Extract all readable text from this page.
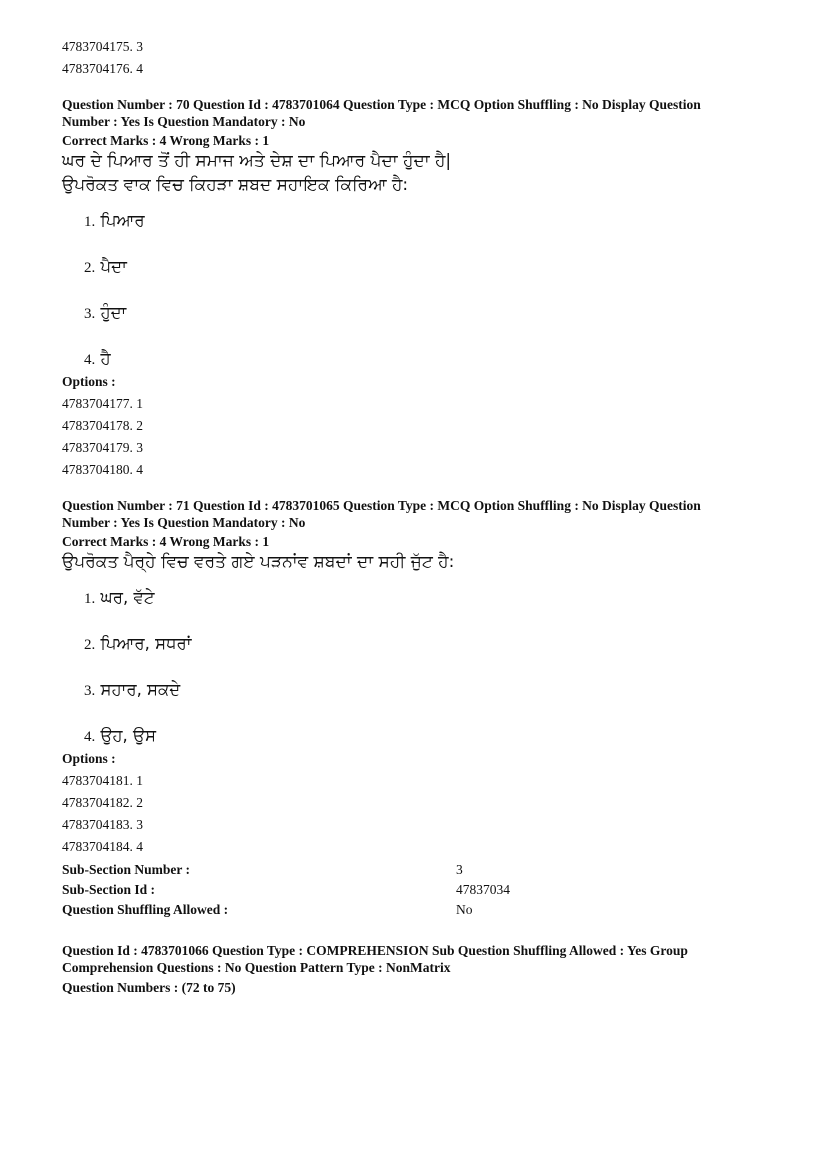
4783704175. 3
4783704176. 4
Question Number : 70 Question Id : 4783701064 Question Type : MCQ Option Shuffling : No Display Question
Number : Yes Is Question Mandatory : No
Correct Marks : 4 Wrong Marks : 1
ਘਰ ਦੇ ਪਿਆਰ ਤੋਂ ਹੀ ਸਮਾਜ ਅਤੇ ਦੇਸ਼ ਦਾ ਪਿਆਰ ਪੈਦਾ ਹੁੰਦਾ ਹੈ|
ਉਪਰੋਕਤ ਵਾਕ ਵਿਚ ਕਿਹੜਾ ਸ਼ਬਦ ਸਹਾਇਕ ਕਿਰਿਆ ਹੈ:
1. ਪਿਆਰ
2. ਪੈਦਾ
3. ਹੁੰਦਾ
4. ਹੈ
Options :
4783704177. 1
4783704178. 2
4783704179. 3
4783704180. 4
Question Number : 71 Question Id : 4783701065 Question Type : MCQ Option Shuffling : No Display Question
Number : Yes Is Question Mandatory : No
Correct Marks : 4 Wrong Marks : 1
ਉਪਰੋਕਤ ਪੈਰ੍ਹੇ ਵਿਚ ਵਰਤੇ ਗਏ ਪੜਨਾਂਵ ਸ਼ਬਦਾਂ ਦਾ ਸਹੀ ਜੁੱਟ ਹੈ:
1. ਘਰ, ਵੱਟੇ
2. ਪਿਆਰ, ਸਧਰਾਂ
3. ਸਹਾਰ, ਸਕਦੇ
4. ਉਹ, ਉਸ
Options :
4783704181. 1
4783704182. 2
4783704183. 3
4783704184. 4
Sub-Section Number :	3
Sub-Section Id :	47837034
Question Shuffling Allowed :	No
Question Id : 4783701066 Question Type : COMPREHENSION Sub Question Shuffling Allowed : Yes Group
Comprehension Questions : No Question Pattern Type : NonMatrix
Question Numbers : (72 to 75)
